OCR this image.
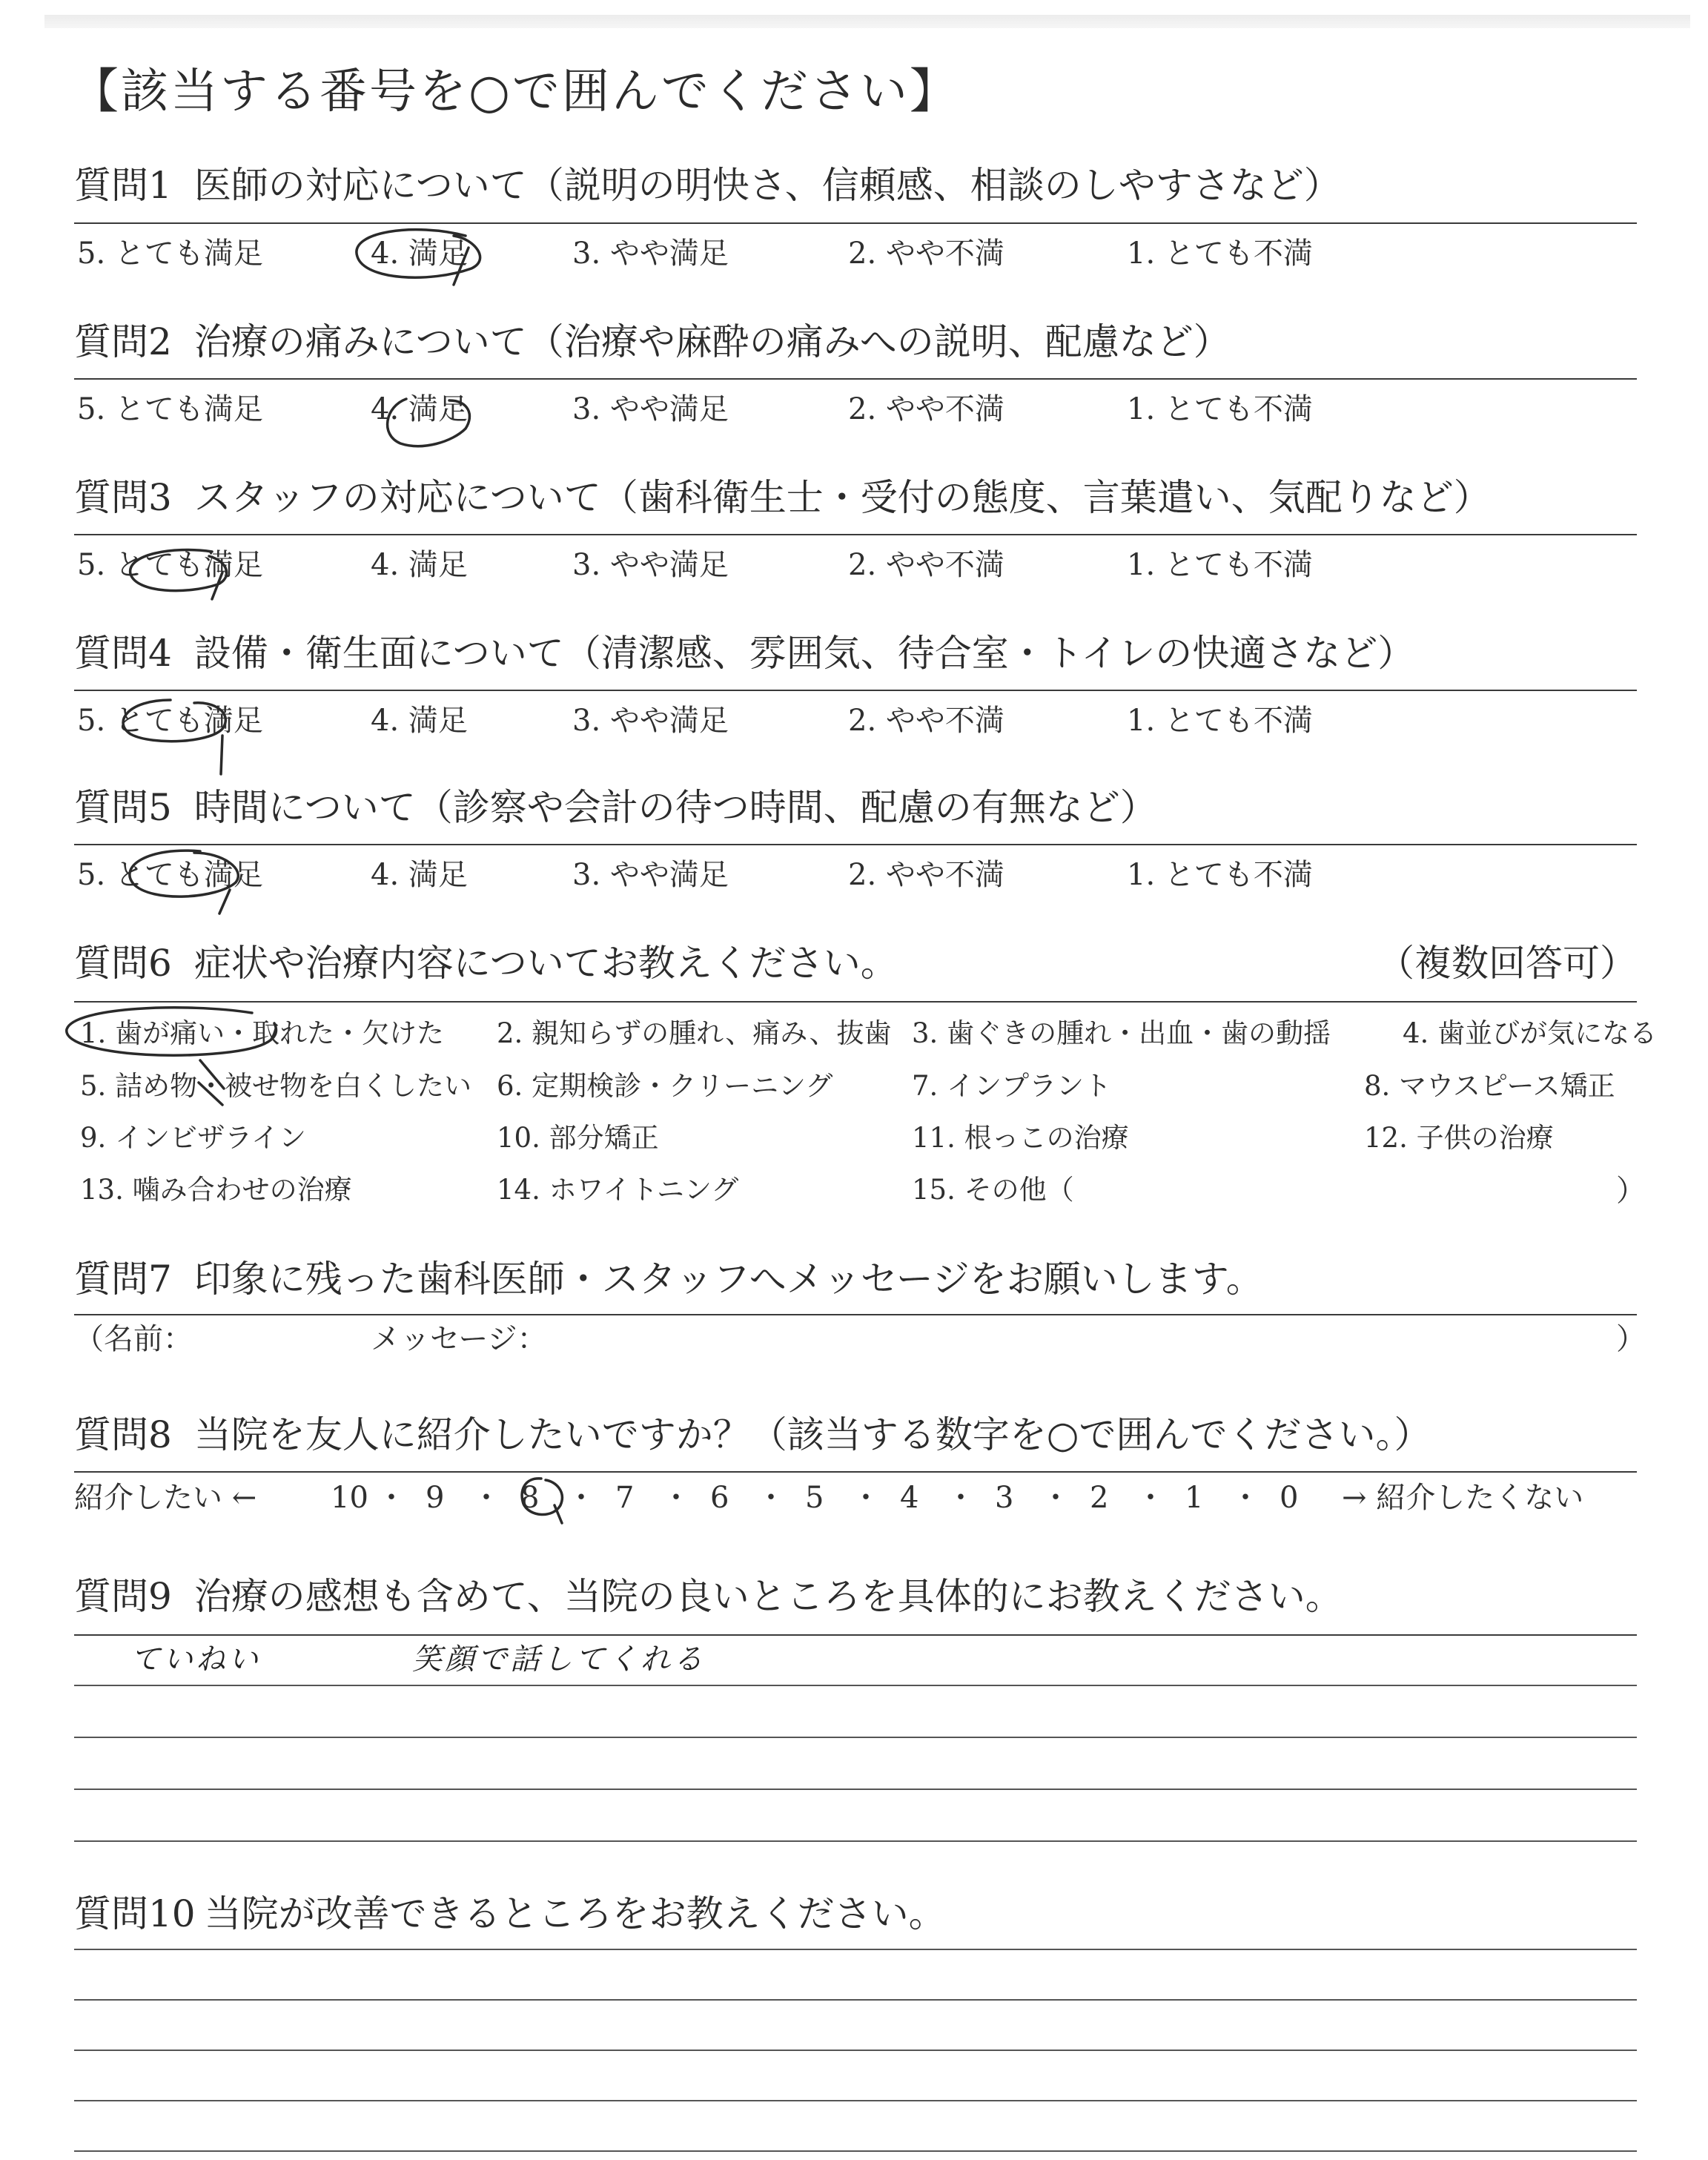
【該当する番号を○で囲んでください】
質問1 医師の対応について（説明の明快さ、信頼感、相談のしやすさなど）
5. とても満足	4. 満足	3. やや満足	2. やや不満	1. とても不満
質問2 治療の痛みについて（治療や麻酔の痛みへの説明、配慮など）
5. とても満足	4. 満足	3. やや満足	2. やや不満	1. とても不満
質問3 スタッフの対応について（歯科衛生士・受付の態度、言葉遣い、気配りなど）
5. とても満足	4. 満足	3. やや満足	2. やや不満	1. とても不満
質問4 設備・衛生面について（清潔感、雰囲気、待合室・トイレの快適さなど）
5. とても満足	4. 満足	3. やや満足	2. やや不満	1. とても不満
質問5 時間について（診察や会計の待つ時間、配慮の有無など）
5. とても満足	4. 満足	3. やや満足	2. やや不満	1. とても不満
質問6 症状や治療内容についてお教えください。	（複数回答可）
1. 歯が痛い・取れた・欠けた 2. 親知らずの腫れ、痛み、抜歯 3. 歯ぐきの腫れ・出血・歯の動揺	4. 歯並びが気になる
5. 詰め物・被せ物を白くしたい 6. 定期検診・クリーニング	7. インプラント	8. マウスピース矯正
9. インビザライン	10. 部分矯正	11. 根っこの治療	12. 子供の治療
13. 噛み合わせの治療	14. ホワイトニング	15. その他（	）
質問7 印象に残った歯科医師・スタッフへメッセージをお願いします。
（名前：	メッセージ：	）
質問8 当院を友人に紹介したいですか？（該当する数字を○で囲んでください。）
紹介したい ←	→ 紹介したくない
10 ・ 9 ・ 8 ・ 7 ・ 6 ・ 5 ・ 4 ・ 3 ・ 2 ・ 1 ・ 0
質問9 治療の感想も含めて、当院の良いところを具体的にお教えください。
ていねい	笑顔で話してくれる
質問10 当院が改善できるところをお教えください。
